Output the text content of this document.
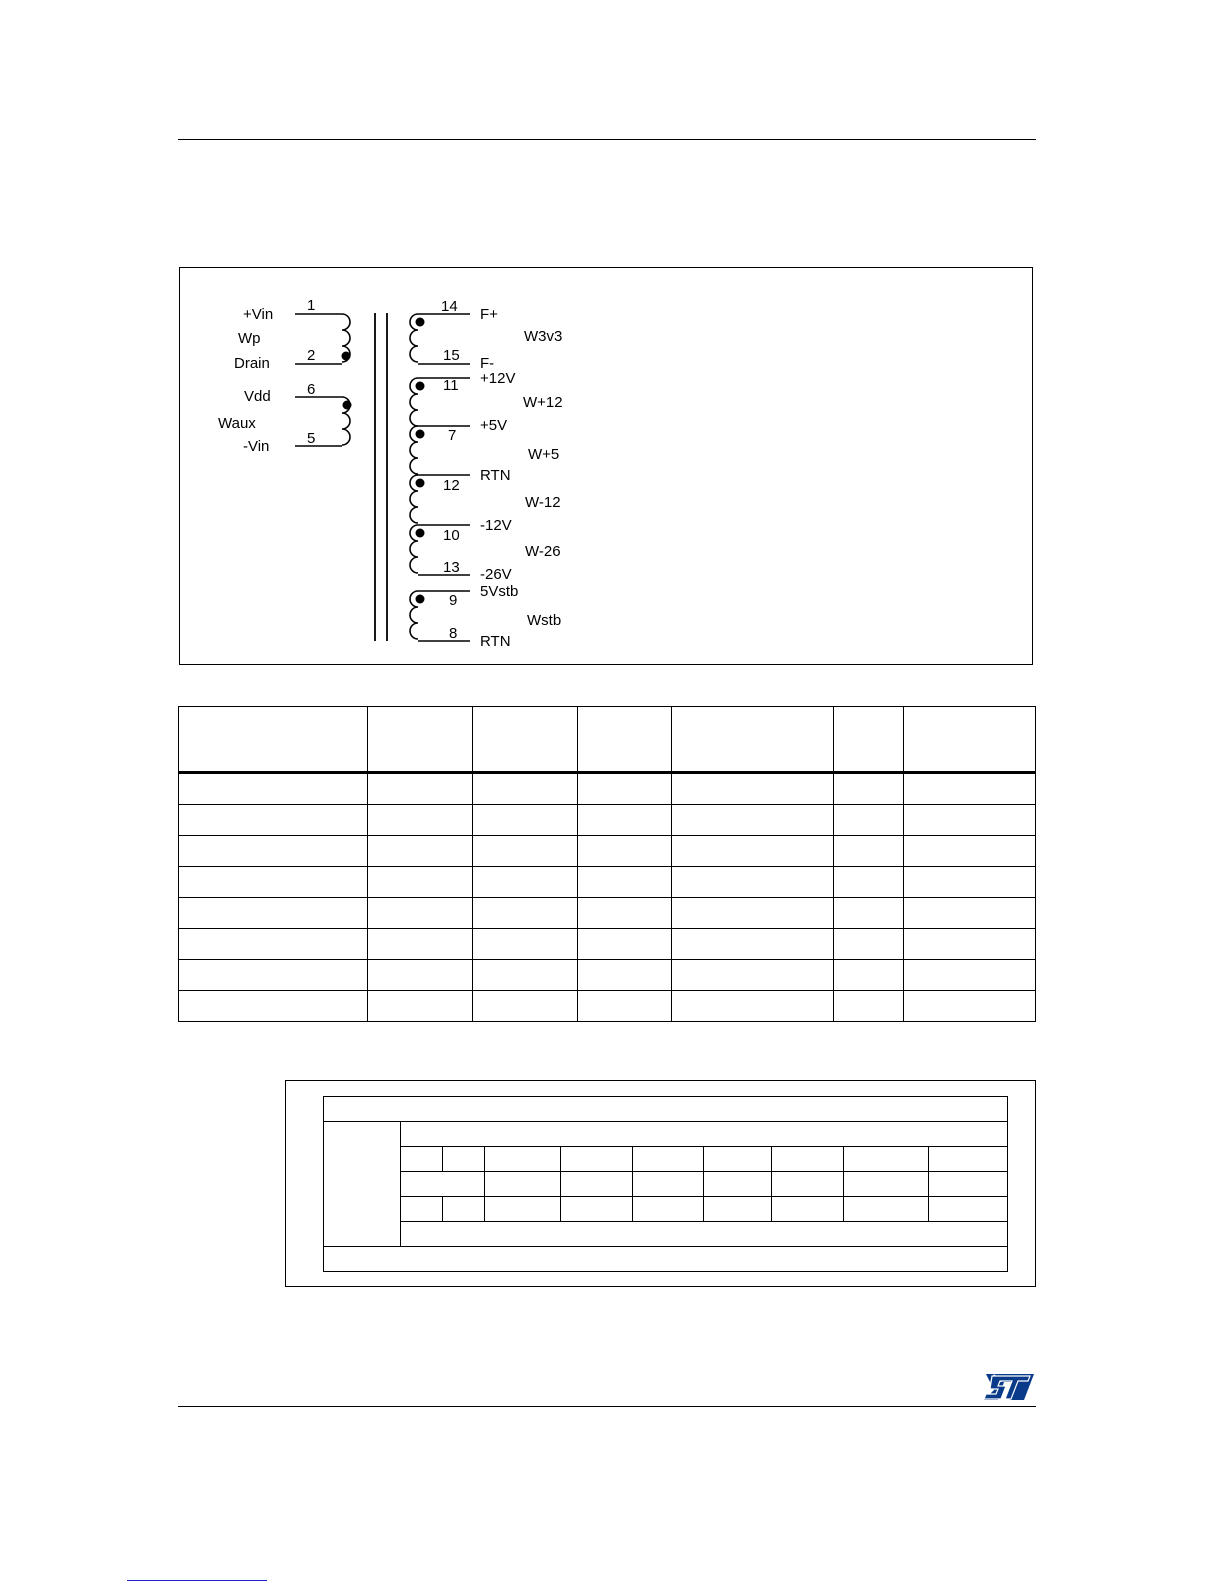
+Vin
1
Wp
Drain 2
Vdd 6
Waux
-Vin	5
14 F+
W3v3
15 F-
+12V
11
W+12
+5V
7
W+5
RTN
12
W-12
-12V
10
W-26
13 -26V
5Vstb
9
Wstb
8 RTN
